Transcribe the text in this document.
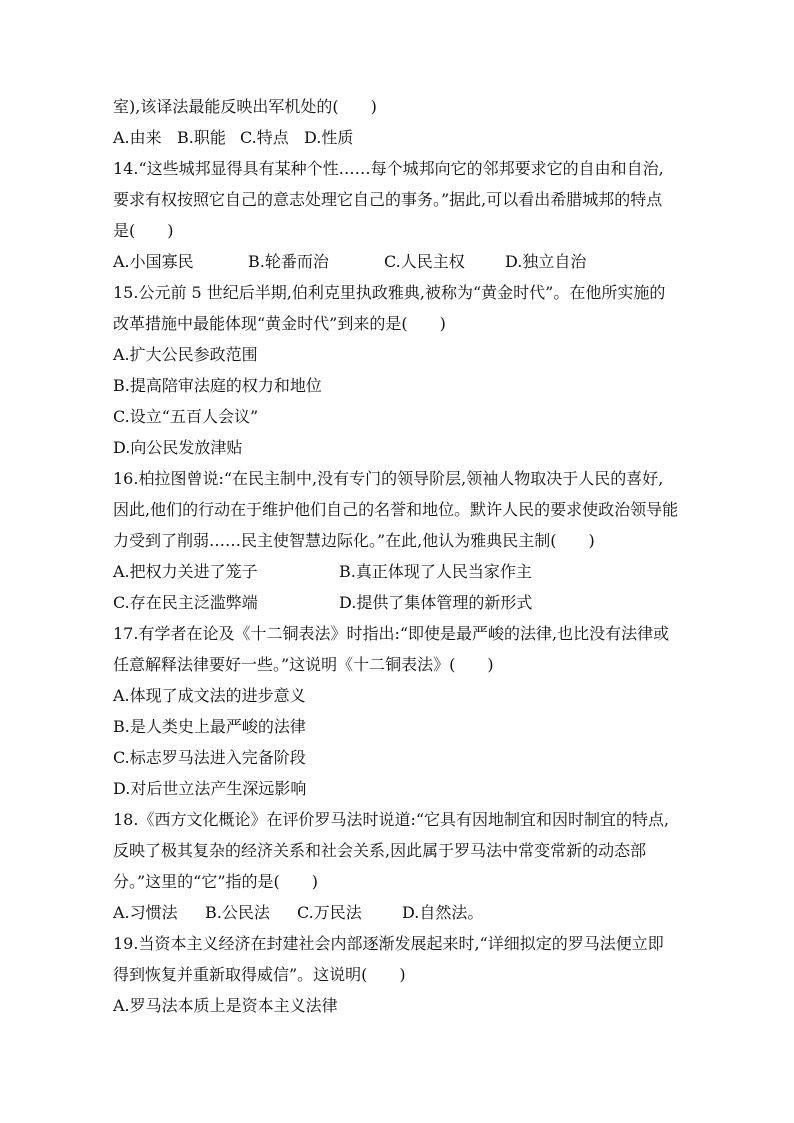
室),该译法最能反映出军机处的(　　)
A.由来 B.职能 C.特点 D.性质
14.“这些城邦显得具有某种个性……每个城邦向它的邻邦要求它的自由和自治,
要求有权按照它自己的意志处理它自己的事务。”据此,可以看出希腊城邦的特点
是(　　)
A.小国寡民	B.轮番而治	C.人民主权	D.独立自治
15.公元前 5 世纪后半期,伯利克里执政雅典,被称为“黄金时代”。在他所实施的
改革措施中最能体现“黄金时代”到来的是(　　)
A.扩大公民参政范围
B.提高陪审法庭的权力和地位
C.设立“五百人会议”
D.向公民发放津贴
16.柏拉图曾说:“在民主制中,没有专门的领导阶层,领袖人物取决于人民的喜好,
因此,他们的行动在于维护他们自己的名誉和地位。默许人民的要求使政治领导能
力受到了削弱……民主使智慧边际化。”在此,他认为雅典民主制(　　)
A.把权力关进了笼子	B.真正体现了人民当家作主
C.存在民主泛滥弊端	D.提供了集体管理的新形式
17.有学者在论及《十二铜表法》时指出:“即使是最严峻的法律,也比没有法律或
任意解释法律要好一些。”这说明《十二铜表法》(　　)
A.体现了成文法的进步意义
B.是人类史上最严峻的法律
C.标志罗马法进入完备阶段
D.对后世立法产生深远影响
18.《西方文化概论》在评价罗马法时说道:“它具有因地制宜和因时制宜的特点,
反映了极其复杂的经济关系和社会关系,因此属于罗马法中常变常新的动态部
分。”这里的“它”指的是(　　)
A.习惯法	B.公民法	C.万民法	D.自然法。
19.当资本主义经济在封建社会内部逐渐发展起来时,“详细拟定的罗马法便立即
得到恢复并重新取得威信”。这说明(　　)
A.罗马法本质上是资本主义法律
